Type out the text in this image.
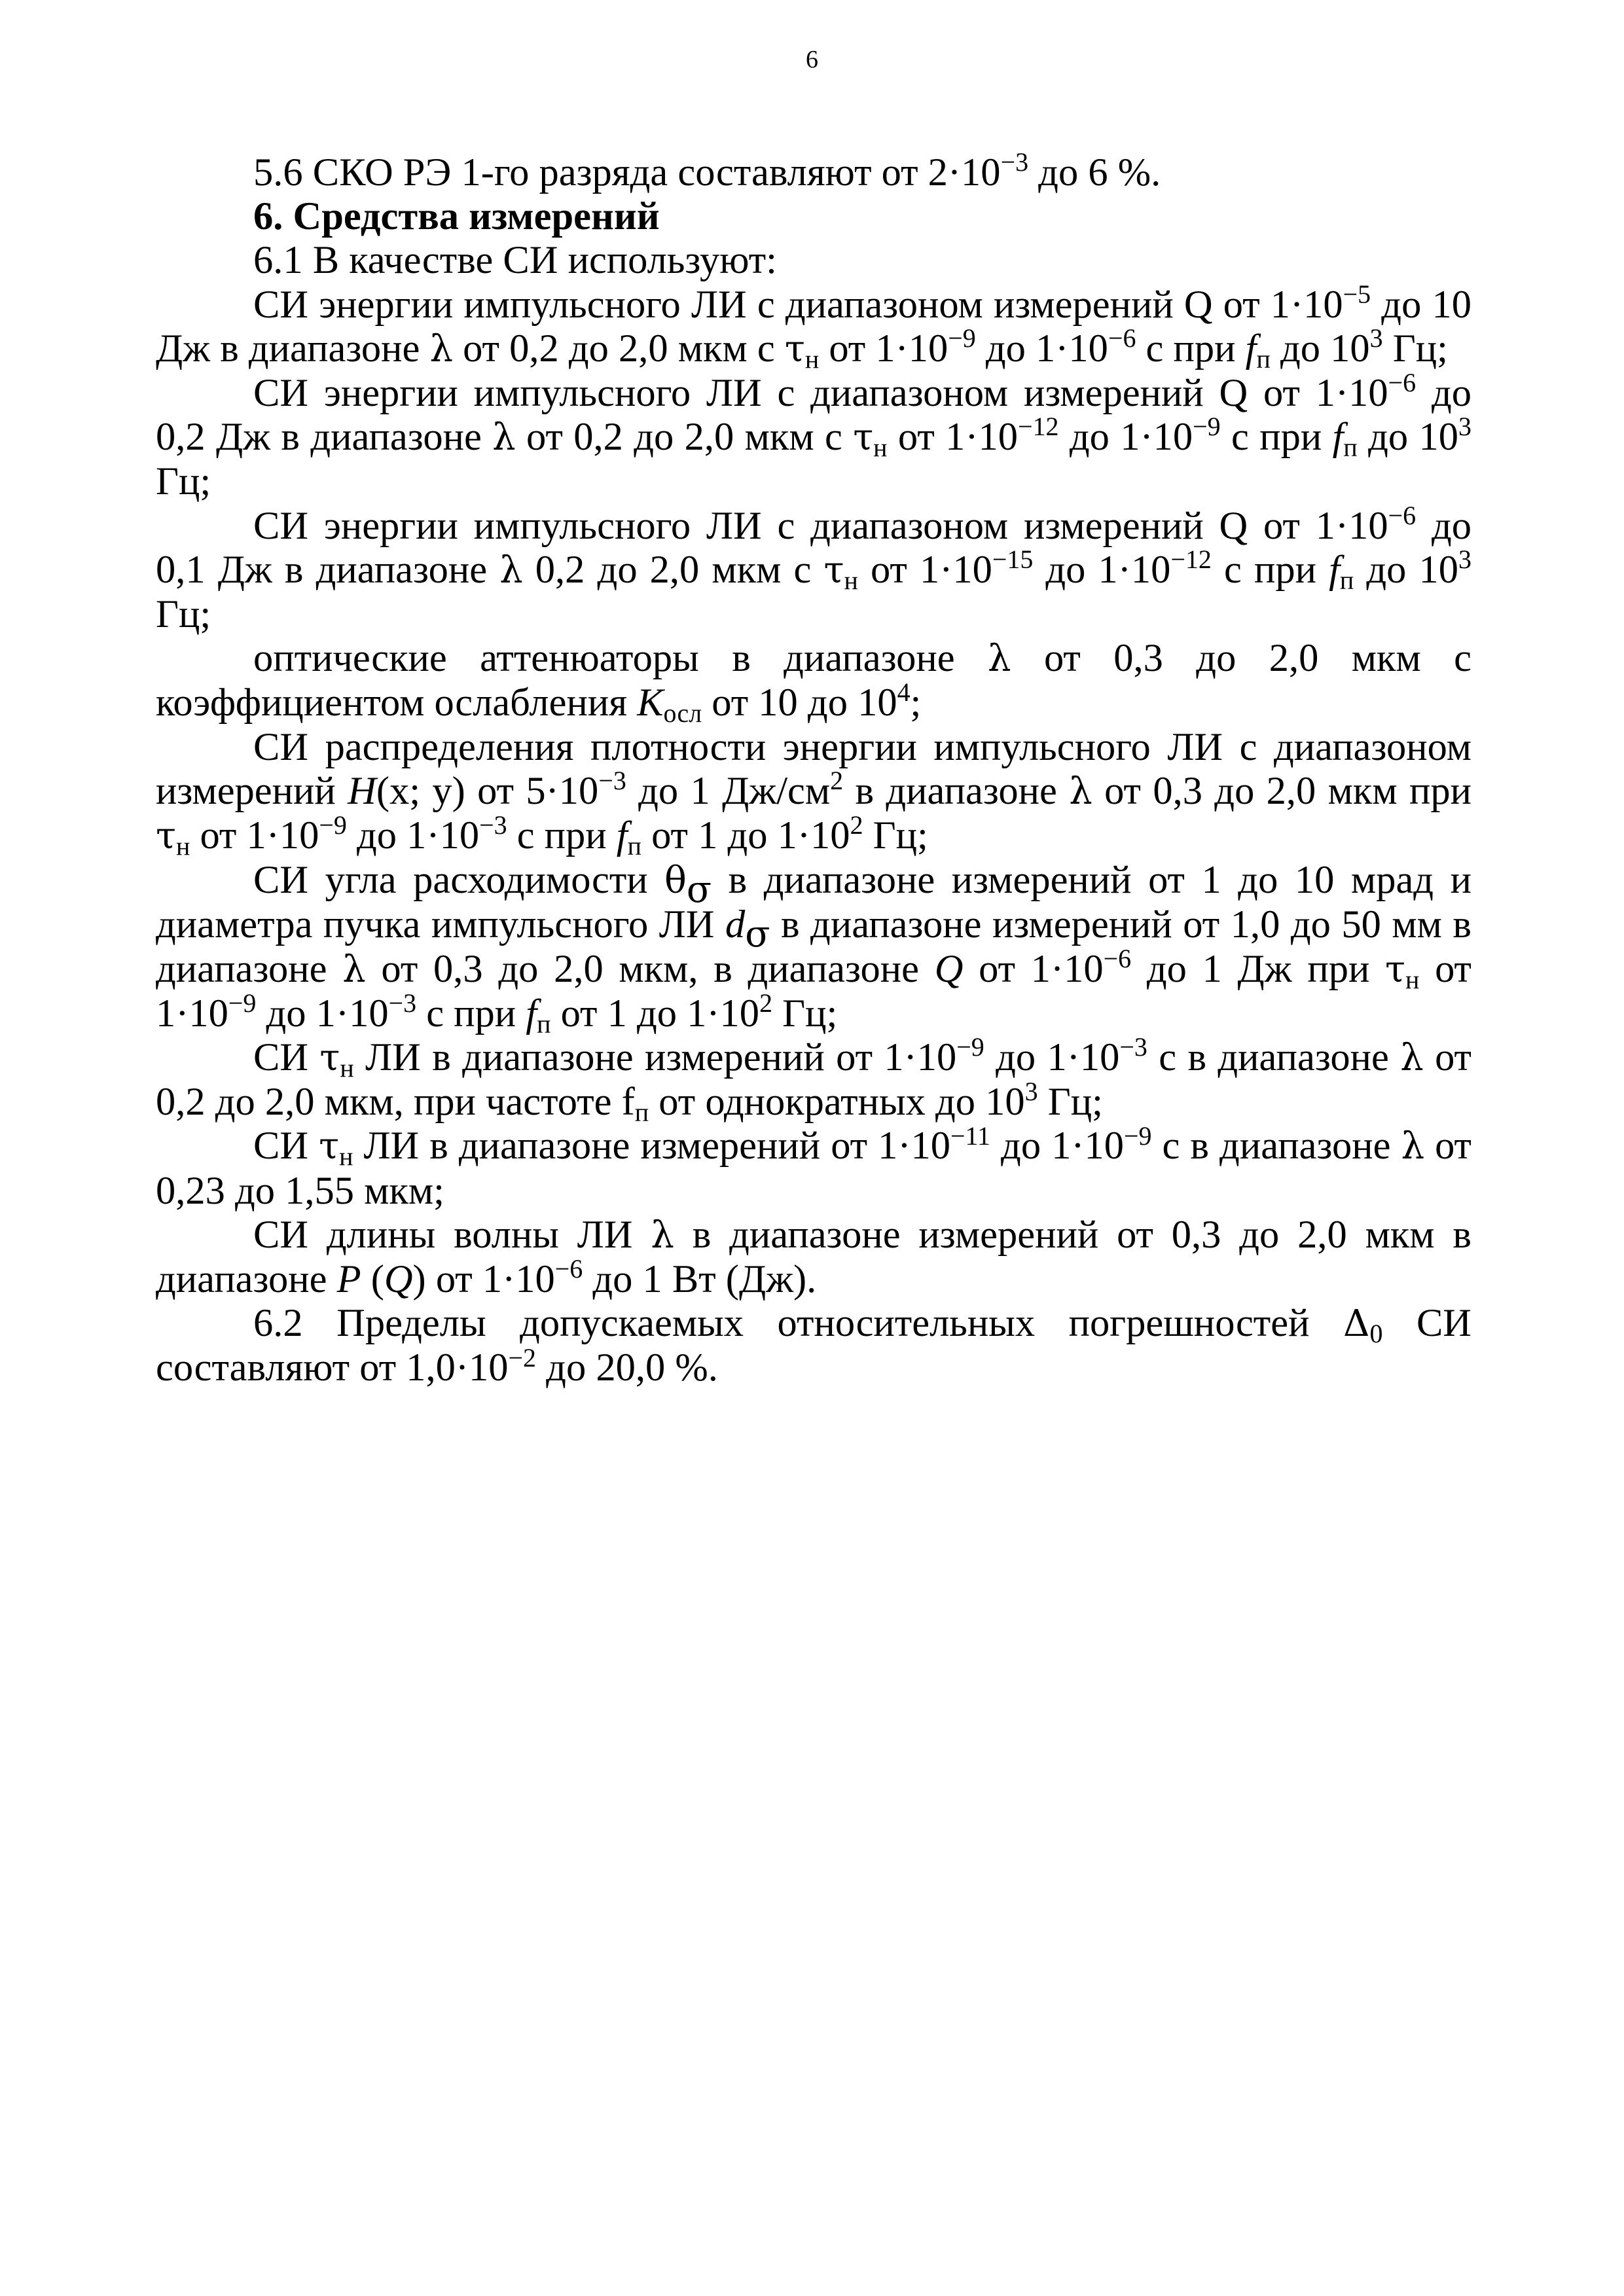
6

5.6 СКО РЭ 1-го разряда составляют от $2\cdot 10^{-3}$ до 6 %.

6. Средства измерений

6.1 В качестве СИ используют:

СИ энергии импульсного ЛИ с диапазоном измерений Q от $1\cdot 10^{-5}$ до 10 Дж в диапазоне λ от 0,2 до 2,0 мкм с $\tau_н$ от $1\cdot 10^{-9}$ до $1\cdot 10^{-6}$ с при $f_п$ до $10^3$ Гц;

СИ энергии импульсного ЛИ с диапазоном измерений Q от $1\cdot 10^{-6}$ до 0,2 Дж в диапазоне λ от 0,2 до 2,0 мкм с $\tau_н$ от $1\cdot 10^{-12}$ до $1\cdot 10^{-9}$ с при $f_п$ до $10^3$ Гц;

СИ энергии импульсного ЛИ с диапазоном измерений Q от $1\cdot 10^{-6}$ до 0,1 Дж в диапазоне λ 0,2 до 2,0 мкм с $\tau_н$ от $1\cdot 10^{-15}$ до $1\cdot 10^{-12}$ с при $f_п$ до $10^3$ Гц;

оптические аттенюаторы в диапазоне λ от 0,3 до 2,0 мкм с коэффициентом ослабления $K_{осл}$ от 10 до $10^4$;

СИ распределения плотности энергии импульсного ЛИ с диапазоном измерений H(x; y) от $5\cdot 10^{-3}$ до 1 $Дж/см^2$ в диапазоне λ от 0,3 до 2,0 мкм при $\tau_н$ от $1\cdot 10^{-9}$ до $1\cdot 10^{-3}$ с при $f_п$ от 1 до $1\cdot 10^2$ Гц;

СИ угла расходимости $\theta_\sigma$ в диапазоне измерений от 1 до 10 мрад и диаметра пучка импульсного ЛИ $d_\sigma$ в диапазоне измерений от 1,0 до 50 мм в диапазоне λ от 0,3 до 2,0 мкм, в диапазоне Q от $1\cdot 10^{-6}$ до 1 Дж при $\tau_н$ от $1\cdot 10^{-9}$ до $1\cdot 10^{-3}$ с при $f_п$ от 1 до $1\cdot 10^2$ Гц;

СИ $\tau_н$ ЛИ в диапазоне измерений от $1\cdot 10^{-9}$ до $1\cdot 10^{-3}$ с в диапазоне λ от 0,2 до 2,0 мкм, при частоте $f_п$ от однократных до $10^3$ Гц;

СИ $\tau_н$ ЛИ в диапазоне измерений от $1\cdot 10^{-11}$ до $1\cdot 10^{-9}$ с в диапазоне λ от 0,23 до 1,55 мкм;

СИ длины волны ЛИ λ в диапазоне измерений от 0,3 до 2,0 мкм в диапазоне P (Q) от $1\cdot 10^{-6}$ до 1 Вт (Дж).

6.2 Пределы допускаемых относительных погрешностей $\Delta_0$ СИ составляют от $1,0\cdot 10^{-2}$ до 20,0 %.
